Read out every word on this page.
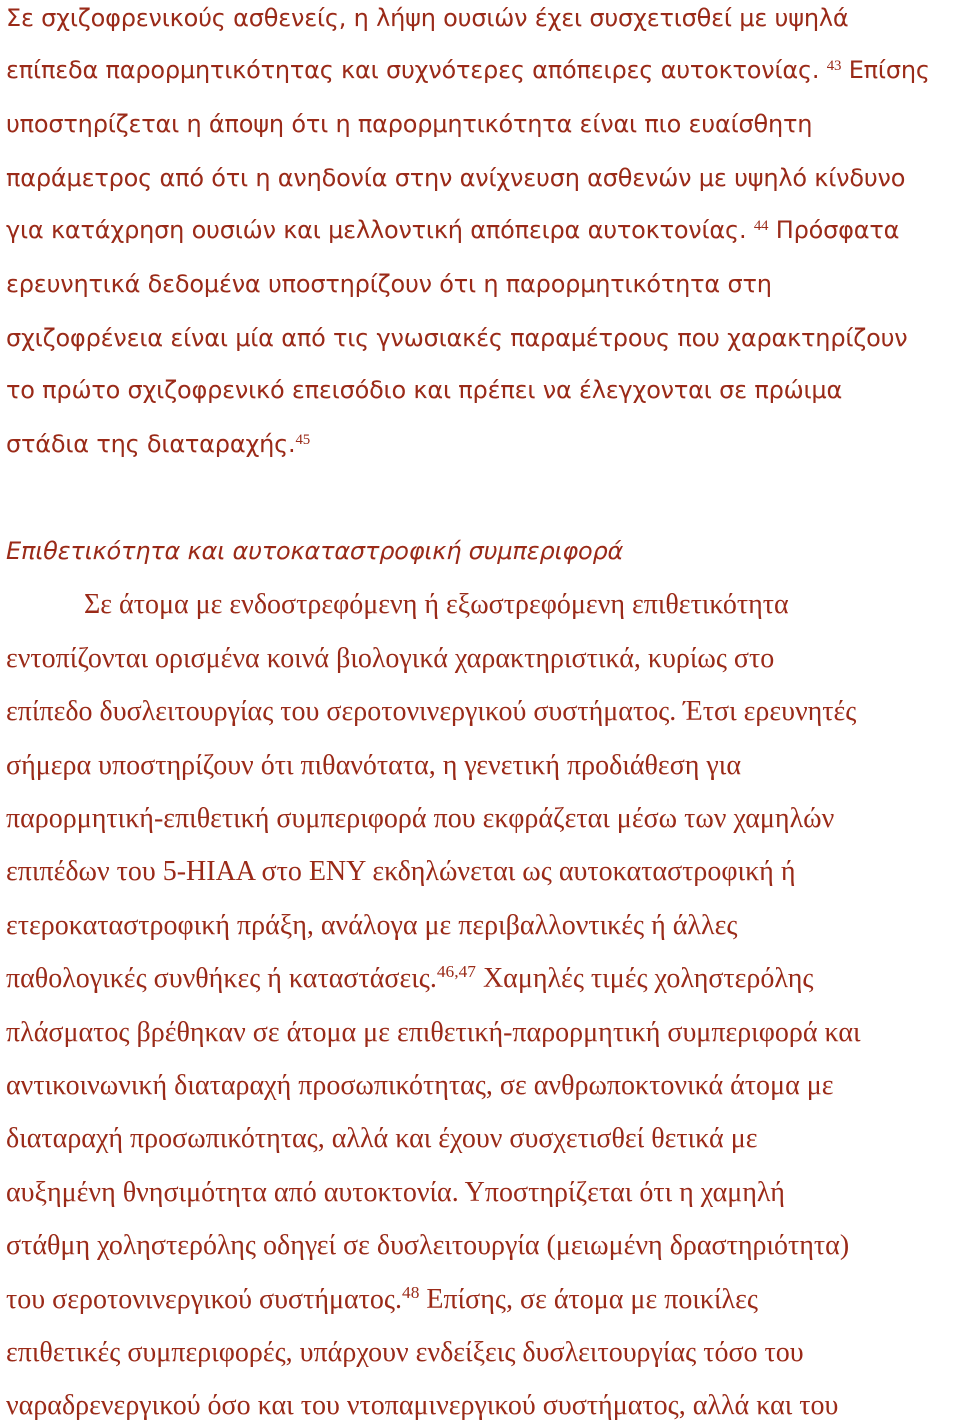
Σε σχιζοφρενικούς ασθενείς, η λήψη ουσιών έχει συσχετισθεί με υψηλά
επίπεδα παρορμητικότητας και συχνότερες απόπειρες αυτοκτονίας. $^{43}$ Επίσης
υποστηρίζεται η άποψη ότι η παρορμητικότητα είναι πιο ευαίσθητη
παράμετρος από ότι η ανηδονία στην ανίχνευση ασθενών με υψηλό κίνδυνο
για κατάχρηση ουσιών και μελλοντική απόπειρα αυτοκτονίας. $^{44}$ Πρόσφατα
ερευνητικά δεδομένα υποστηρίζουν ότι η παρορμητικότητα στη
σχιζοφρένεια είναι μία από τις γνωσιακές παραμέτρους που χαρακτηρίζουν
το πρώτο σχιζοφρενικό επεισόδιο και πρέπει να έλεγχονται σε πρώιμα
στάδια της διαταραχής.$^{45}$
Επιθετικότητα και αυτοκαταστροφική συμπεριφορά
Σε άτομα με ενδοστρεφόμενη ή εξωστρεφόμενη επιθετικότητα
εντοπίζονται ορισμένα κοινά βιολογικά χαρακτηριστικά, κυρίως στο
επίπεδο δυσλειτουργίας του σεροτονινεργικού συστήματος. Έτσι ερευνητές
σήμερα υποστηρίζουν ότι πιθανότατα, η γενετική προδιάθεση για
παρορμητική-επιθετική συμπεριφορά που εκφράζεται μέσω των χαμηλών
επιπέδων του 5-HIAA στο ENY εκδηλώνεται ως αυτοκαταστροφική ή
ετεροκαταστροφική πράξη, ανάλογα με περιβαλλοντικές ή άλλες
παθολογικές συνθήκες ή καταστάσεις.$^{46,47}$ Χαμηλές τιμές χοληστερόλης
πλάσματος βρέθηκαν σε άτομα με επιθετική-παρορμητική συμπεριφορά και
αντικοινωνική διαταραχή προσωπικότητας, σε ανθρωποκτονικά άτομα με
διαταραχή προσωπικότητας, αλλά και έχουν συσχετισθεί θετικά με
αυξημένη θνησιμότητα από αυτοκτονία. Υποστηρίζεται ότι η χαμηλή
στάθμη χοληστερόλης οδηγεί σε δυσλειτουργία (μειωμένη δραστηριότητα)
του σεροτονινεργικού συστήματος.$^{48}$ Επίσης, σε άτομα με ποικίλες
επιθετικές συμπεριφορές, υπάρχουν ενδείξεις δυσλειτουργίας τόσο του
ναραδρενεργικού όσο και του ντοπαμινεργικού συστήματος, αλλά και του
